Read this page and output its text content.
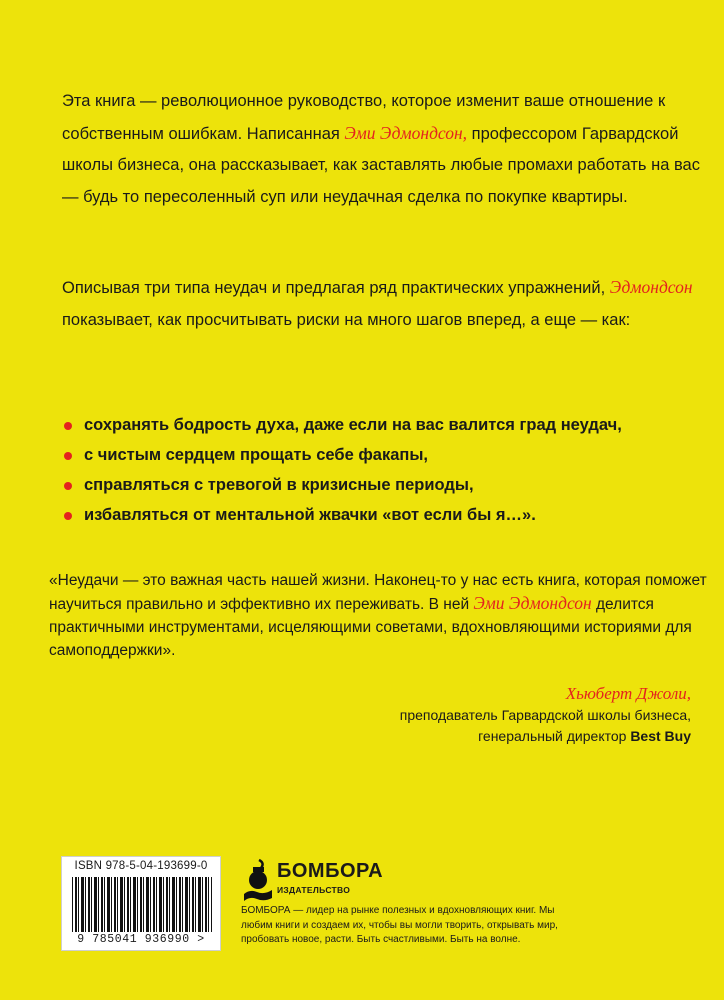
Эта книга — революционное руководство, которое изменит ваше отношение к собственным ошибкам. Написанная Эми Эдмондсон, профессором Гарвардской школы бизнеса, она рассказывает, как заставлять любые промахи работать на вас — будь то пересоленный суп или неудачная сделка по покупке квартиры.

Описывая три типа неудач и предлагая ряд практических упражнений, Эдмондсон показывает, как просчитывать риски на много шагов вперед, а еще — как:

сохранять бодрость духа, даже если на вас валится град неудач,
с чистым сердцем прощать себе факапы,
справляться с тревогой в кризисные периоды,
избавляться от ментальной жвачки «вот если бы я…».

«Неудачи — это важная часть нашей жизни. Наконец-то у нас есть книга, которая поможет научиться правильно и эффективно их переживать. В ней Эми Эдмондсон делится практичными инструментами, исцеляющими советами, вдохновляющими историями для самоподдержки».

Хьюберт Джоли,
преподаватель Гарвардской школы бизнеса,
генеральный директор Best Buy
ISBN 978-5-04-193699-0
9 785041 936990 >
БОМБОРА
ИЗДАТЕЛЬСТВО

БОМБОРА — лидер на рынке полезных и вдохновляющих книг. Мы любим книги и создаем их, чтобы вы могли творить, открывать мир, пробовать новое, расти. Быть счастливыми. Быть на волне.
